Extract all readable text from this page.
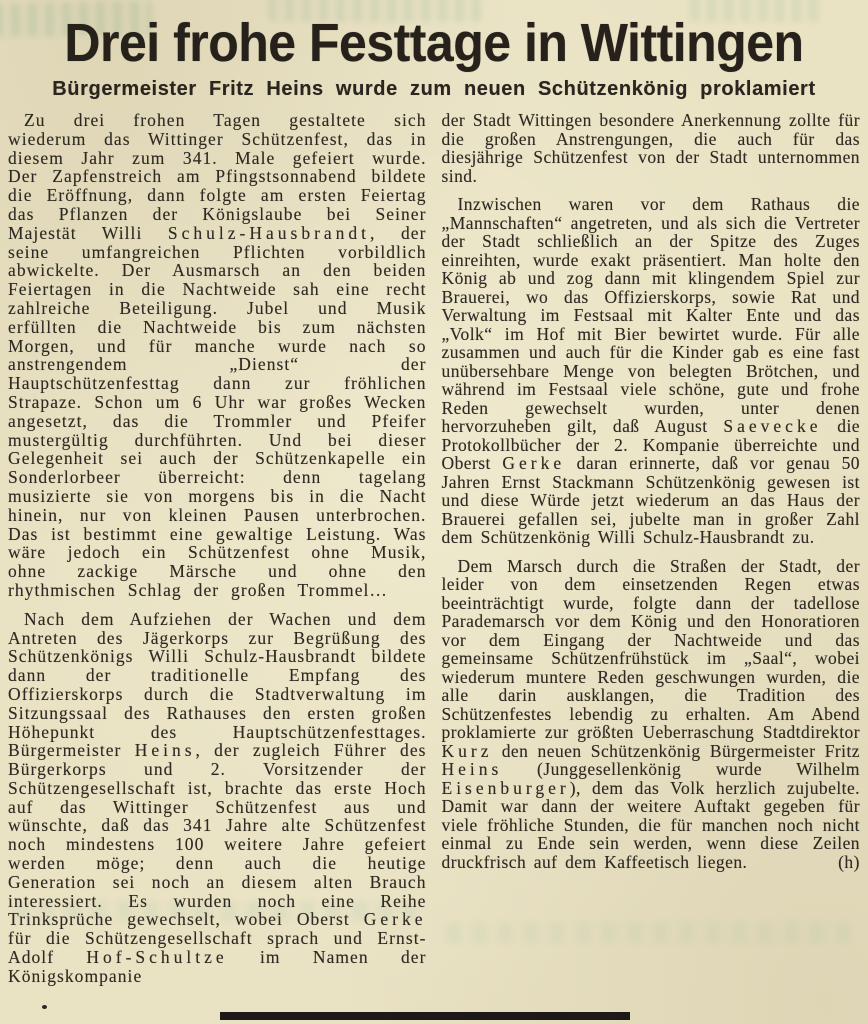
Drei frohe Festtage in Wittingen
Bürgermeister Fritz Heins wurde zum neuen Schützenkönig proklamiert

Zu drei frohen Tagen gestaltete sich wiederum das Wittinger Schützenfest, das in diesem Jahr zum 341. Male gefeiert wurde. Der Zapfenstreich am Pfingstsonnabend bildete die Eröffnung, dann folgte am ersten Feiertag das Pflanzen der Königslaube bei Seiner Majestät Willi Schulz-Hausbrandt, der seine umfangreichen Pflichten vorbildlich abwickelte. Der Ausmarsch an den beiden Feiertagen in die Nachtweide sah eine recht zahlreiche Beteiligung. Jubel und Musik erfüllten die Nachtweide bis zum nächsten Morgen, und für manche wurde nach so anstrengendem „Dienst“ der Hauptschützenfesttag dann zur fröhlichen Strapaze. Schon um 6 Uhr war großes Wecken angesetzt, das die Trommler und Pfeifer mustergültig durchführten. Und bei dieser Gelegenheit sei auch der Schützenkapelle ein Sonderlorbeer überreicht: denn tagelang musizierte sie von morgens bis in die Nacht hinein, nur von kleinen Pausen unterbrochen. Das ist bestimmt eine gewaltige Leistung. Was wäre jedoch ein Schützenfest ohne Musik, ohne zackige Märsche und ohne den rhythmischen Schlag der großen Trommel…

Nach dem Aufziehen der Wachen und dem Antreten des Jägerkorps zur Begrüßung des Schützenkönigs Willi Schulz-Hausbrandt bildete dann der traditionelle Empfang des Offizierskorps durch die Stadtverwaltung im Sitzungssaal des Rathauses den ersten großen Höhepunkt des Hauptschützenfesttages. Bürgermeister Heins, der zugleich Führer des Bürgerkorps und 2. Vorsitzender der Schützengesellschaft ist, brachte das erste Hoch auf das Wittinger Schützenfest aus und wünschte, daß das 341 Jahre alte Schützenfest noch mindestens 100 weitere Jahre gefeiert werden möge; denn auch die heutige Generation sei noch an diesem alten Brauch interessiert. Es wurden noch eine Reihe Trinksprüche gewechselt, wobei Oberst Gerke für die Schützengesellschaft sprach und Ernst-Adolf Hof-Schultze im Namen der Königskompanie

der Stadt Wittingen besondere Anerkennung zollte für die großen Anstrengungen, die auch für das diesjährige Schützenfest von der Stadt unternommen sind.

Inzwischen waren vor dem Rathaus die „Mannschaften“ angetreten, und als sich die Vertreter der Stadt schließlich an der Spitze des Zuges einreihten, wurde exakt präsentiert. Man holte den König ab und zog dann mit klingendem Spiel zur Brauerei, wo das Offizierskorps, sowie Rat und Verwaltung im Festsaal mit Kalter Ente und das „Volk“ im Hof mit Bier bewirtet wurde. Für alle zusammen und auch für die Kinder gab es eine fast unübersehbare Menge von belegten Brötchen, und während im Festsaal viele schöne, gute und frohe Reden gewechselt wurden, unter denen hervorzuheben gilt, daß August Saevecke die Protokollbücher der 2. Kompanie überreichte und Oberst Gerke daran erinnerte, daß vor genau 50 Jahren Ernst Stackmann Schützenkönig gewesen ist und diese Würde jetzt wiederum an das Haus der Brauerei gefallen sei, jubelte man in großer Zahl dem Schützenkönig Willi Schulz-Hausbrandt zu.

Dem Marsch durch die Straßen der Stadt, der leider von dem einsetzenden Regen etwas beeinträchtigt wurde, folgte dann der tadellose Parademarsch vor dem König und den Honoratioren vor dem Eingang der Nachtweide und das gemeinsame Schützenfrühstück im „Saal“, wobei wiederum muntere Reden geschwungen wurden, die alle darin ausklangen, die Tradition des Schützenfestes lebendig zu erhalten. Am Abend proklamierte zur größten Ueberraschung Stadtdirektor Kurz den neuen Schützenkönig Bürgermeister Fritz Heins (Junggesellenkönig wurde Wilhelm Eisenburger), dem das Volk herzlich zujubelte. Damit war dann der weitere Auftakt gegeben für viele fröhliche Stunden, die für manchen noch nicht einmal zu Ende sein werden, wenn diese Zeilen druckfrisch auf dem Kaffeetisch liegen.	(h)
